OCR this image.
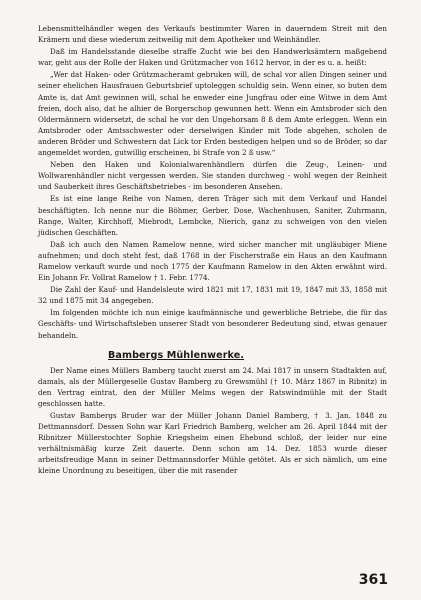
Lebensmittelhändler wegen des Verkaufs bestimmter Waren in dauerndem Streit mit den Krämern und diese wiederum zeitweilig mit dem Apotheker und Weinhändler.

Daß im Handelsstande dieselbe straffe Zucht wie bei den Handwerksämtern maßgebend war, geht aus der Rolle der Haken und Grützmacher von 1612 hervor, in der es u. a. heißt:

„Wer dat Haken- oder Grützmacheramt gebruken will, de schal vor allen Dingen seiner und seiner ehelichen Hausfrauen Geburtsbrief uptoleggen schuldig sein. Wenn einer, so buten dem Amte is, dat Amt gewinnen will, schal he enweder eine Jungfrau oder eine Witwe in dem Amt freien, doch also, dat he alhier de Borgerschop gewunnen hett. Wenn ein Amtsbroder sich den Oldermännern widersetzt, de schal he vor den Ungehorsam 8 ß dem Amte erleggen. Wenn ein Amtsbroder oder Amtsschwester oder derselwigen Kinder mit Tode abgehen, scholen de anderen Bröder und Schwestern dat Lick tor Erden bestedigen helpen und so de Bröder, so dar angemeldet worden, gutwillig erscheinen, bi Strafe von 2 ß usw.“

Neben den Haken und Kolonialwarenhändlern dürfen die Zeug-, Leinen- und Wollwarenhändler nicht vergessen werden. Sie standen durchweg - wohl wegen der Reinheit und Sauberkeit ihres Geschäftsbetriebes - im besonderen Ansehen.

Es ist eine lange Reihe von Namen, deren Träger sich mit dem Verkauf und Handel beschäftigten. Ich nenne nur die Böhmer, Gerber, Dose, Wachenhusen, Saniter, Zuhrmann, Range, Walter, Kirchhoff, Miebrodt, Lembcke, Nierich, ganz zu schweigen von den vielen jüdischen Geschäften.

Daß ich auch den Namen Ramelow nenne, wird sicher mancher mit ungläubiger Miene aufnehmen; und doch steht fest, daß 1768 in der Fischerstraße ein Haus an den Kaufmann Ramelow verkauft wurde und noch 1775 der Kaufmann Ramelow in den Akten erwähnt wird. Ein Johann Fr. Vollrat Ramelow † 1. Febr. 1774.

Die Zahl der Kauf- und Handelsleute wird 1821 mit 17, 1831 mit 19, 1847 mit 33, 1858 mit 32 und 1875 mit 34 angegeben.

Im folgenden möchte ich nun einige kaufmännische und gewerbliche Betriebe, die für das Geschäfts- und Wirtschaftsleben unserer Stadt von besonderer Bedeutung sind, etwas genauer behandeln.

Bambergs Mühlenwerke.

Der Name eines Müllers Bamberg taucht zuerst am 24. Mai 1817 in unsern Stadtakten auf, damals, als der Müllergeselle Gustav Bamberg zu Grewsmühl († 10. März 1867 in Ribnitz) in den Vertrag eintrat, den der Müller Melms wegen der Ratswindmühle mit der Stadt geschlossen hatte.

Gustav Bambergs Bruder war der Müller Johann Daniel Bamberg, † 3. Jan. 1848 zu Dettmannsdorf. Dessen Sohn war Karl Friedrich Bamberg, welcher am 26. April 1844 mit der Ribnitzer Müllerstochter Sophie Kriegsheim einen Ehebund schloß, der leider nur eine verhältnismäßig kurze Zeit dauerte. Denn schon am 14. Dez. 1853 wurde dieser arbeitsfreudige Mann in seiner Dettmannsdorfer Mühle getötet. Als er sich nämlich, um eine kleine Unordnung zu beseitigen, über die mit rasender

361
